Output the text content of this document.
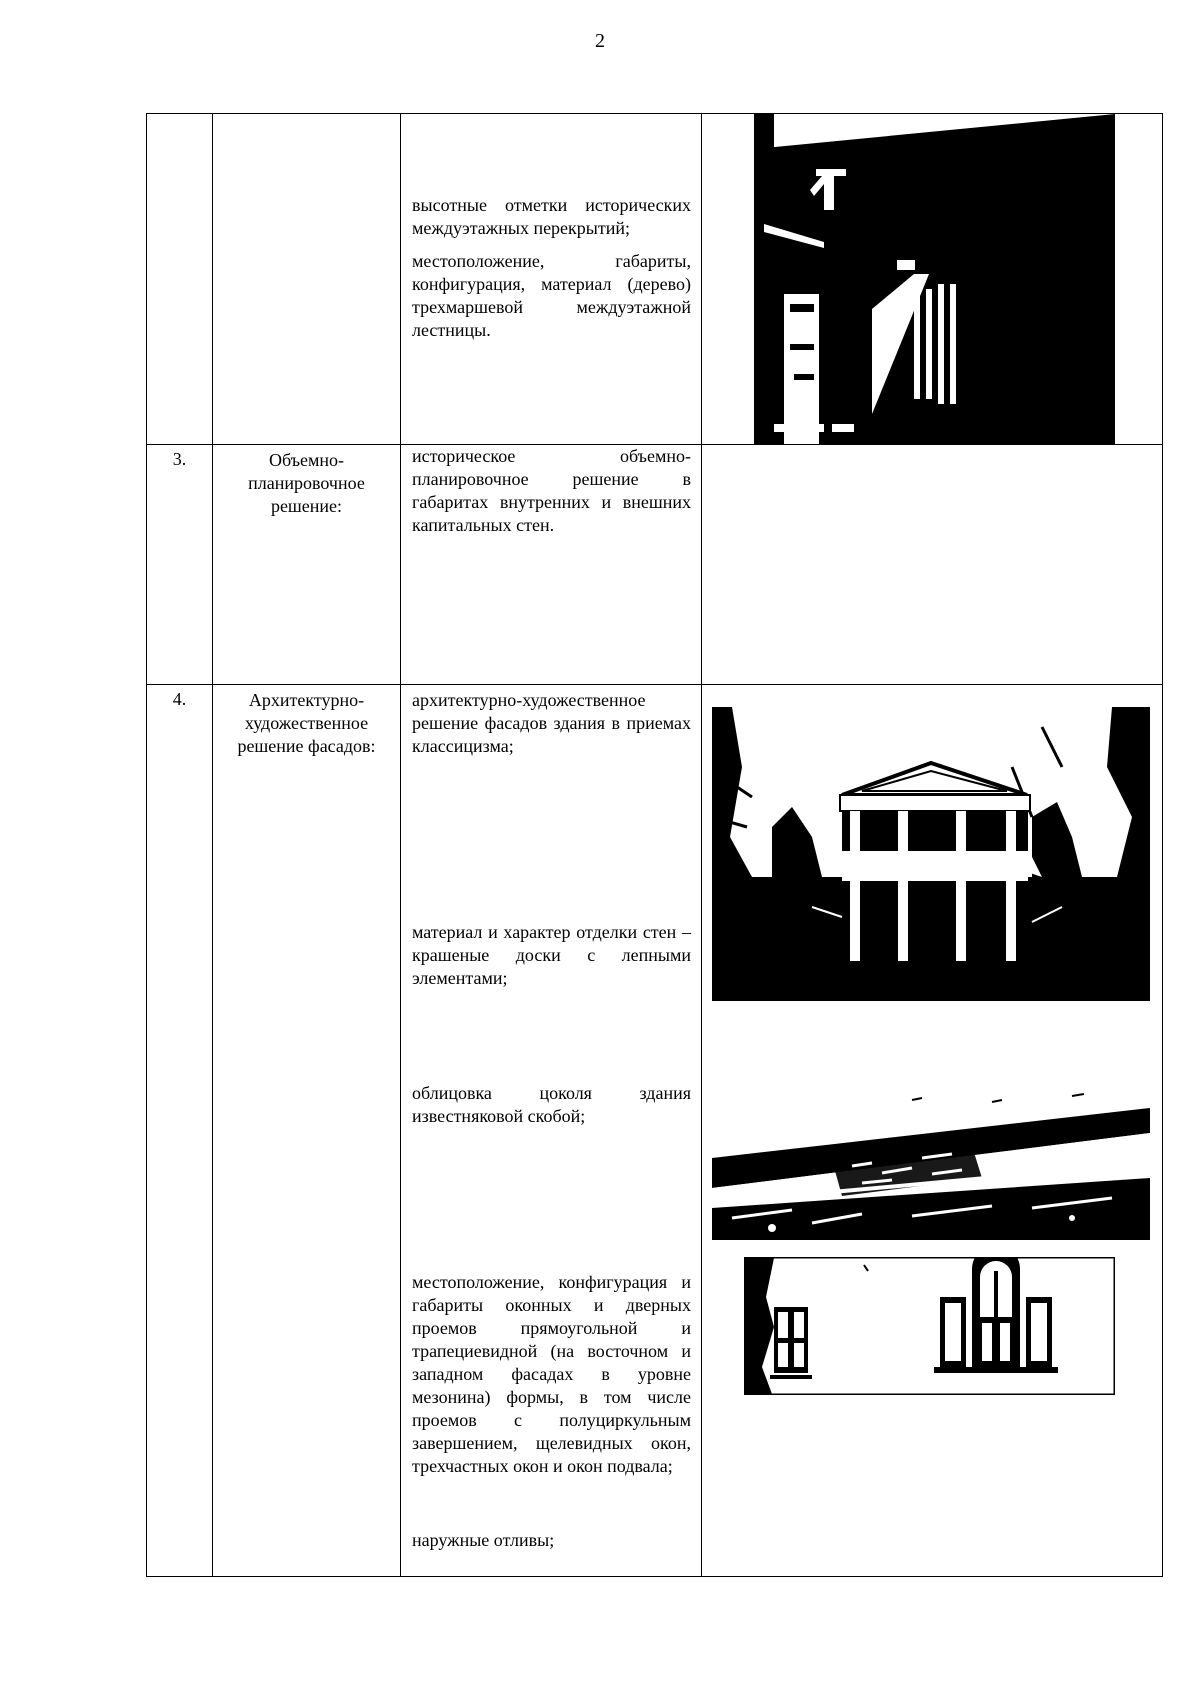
2

		высотные отметки исторических междуэтажных перекрытий;

местоположение, габариты, конфигурация, материал (дерево) трехмаршевой междуэтажной лестницы.

3.	Объемно-планировочное решение:	историческое объемно-планировочное решение в габаритах внутренних и внешних капитальных стен.	

4.	Архитектурно-художественное решение фасадов:	архитектурно-художественное решение фасадов здания в приемах классицизма;

материал и характер отделки стен – крашеные доски с лепными элементами;

облицовка цоколя здания известняковой скобой;

местоположение, конфигурация и габариты оконных и дверных проемов прямоугольной и трапециевидной (на восточном и западном фасадах в уровне мезонина) формы, в том числе проемов с полуциркульным завершением, щелевидных окон, трехчастных окон и окон подвала;

наружные отливы;
